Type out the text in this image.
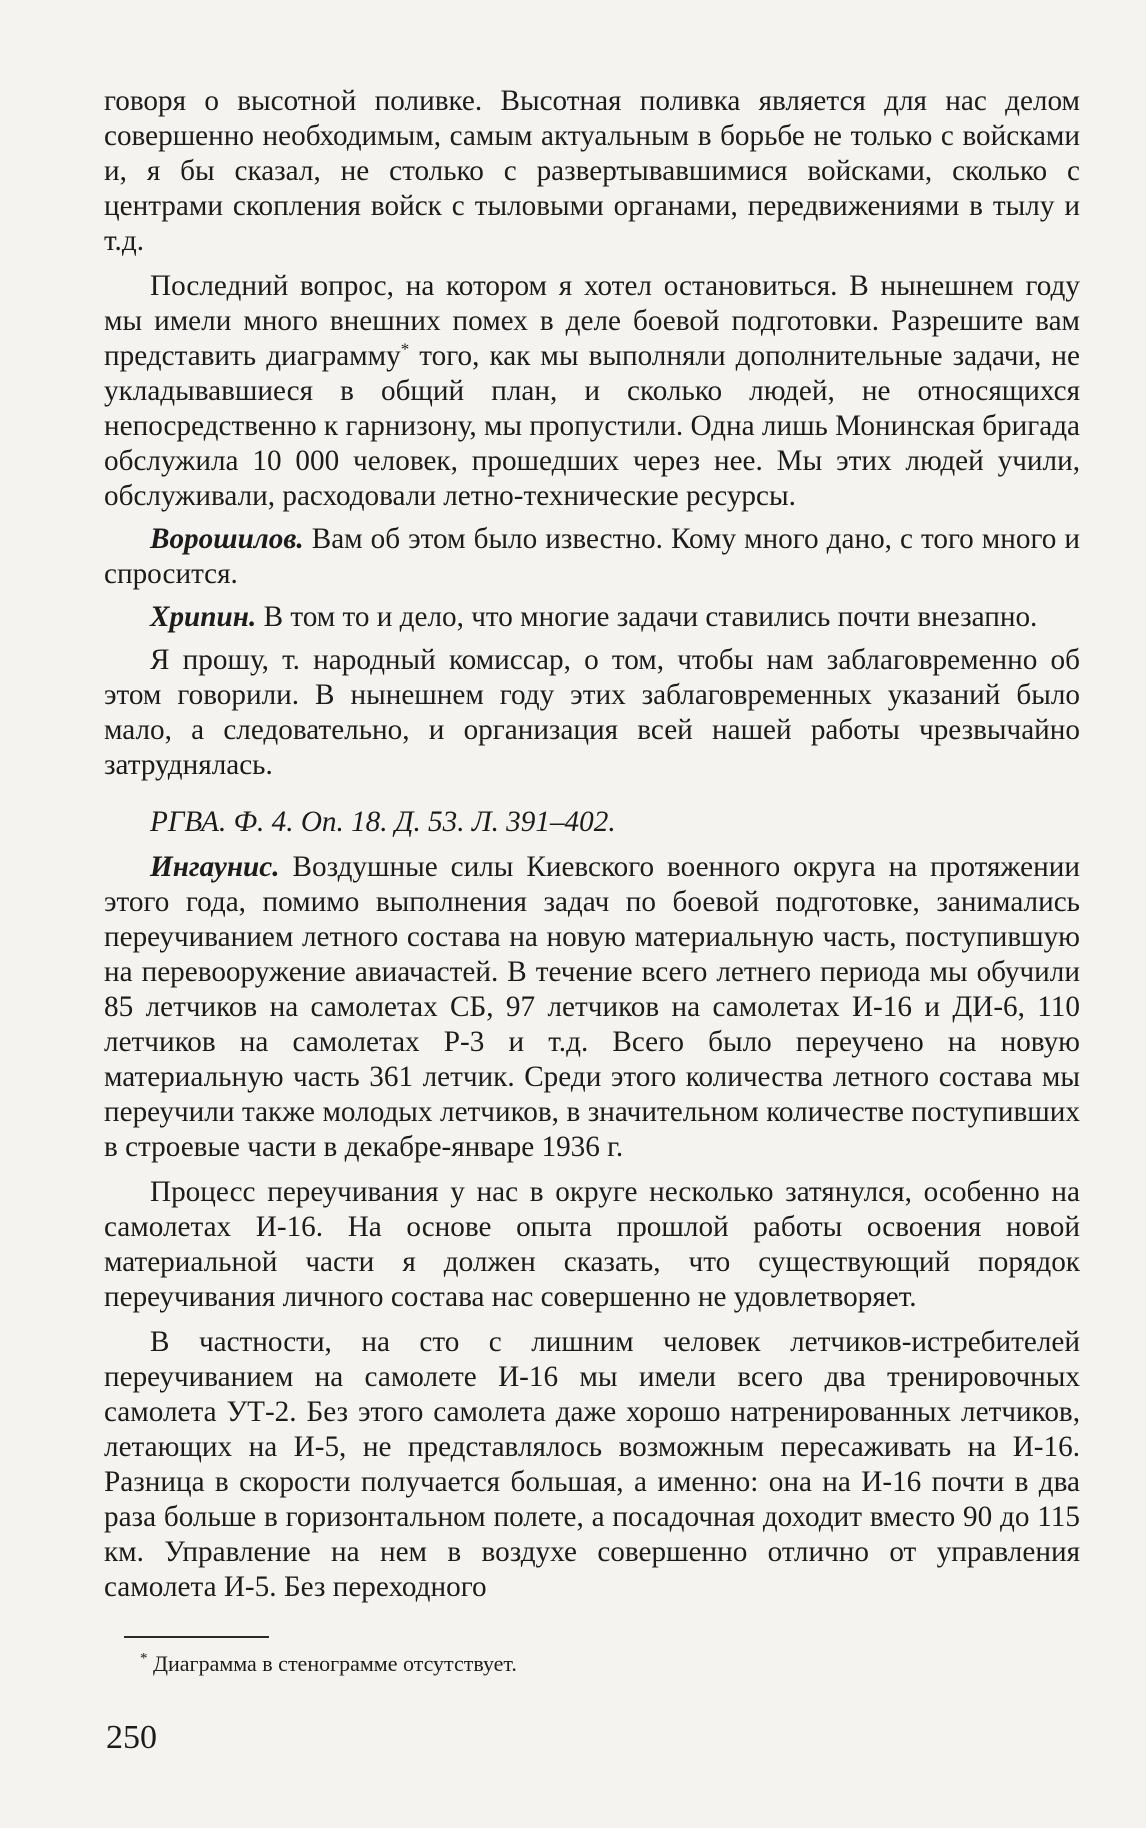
говоря о высотной поливке. Высотная поливка является для нас делом совершенно необходимым, самым актуальным в борьбе не только с войсками и, я бы сказал, не столько с развертывавшимися войсками, сколько с центрами скопления войск с тыловыми органами, передвижениями в тылу и т.д.

Последний вопрос, на котором я хотел остановиться. В нынешнем году мы имели много внешних помех в деле боевой подготовки. Разрешите вам представить диаграмму* того, как мы выполняли дополнительные задачи, не укладывавшиеся в общий план, и сколько людей, не относящихся непосредственно к гарнизону, мы пропустили. Одна лишь Монинская бригада обслужила 10 000 человек, прошедших через нее. Мы этих людей учили, обслуживали, расходовали летно-технические ресурсы.

Ворошилов. Вам об этом было известно. Кому много дано, с того много и спросится.

Хрипин. В том то и дело, что многие задачи ставились почти внезапно.

Я прошу, т. народный комиссар, о том, чтобы нам заблаговременно об этом говорили. В нынешнем году этих заблаговременных указаний было мало, а следовательно, и организация всей нашей работы чрезвычайно затруднялась.

РГВА. Ф. 4. Оп. 18. Д. 53. Л. 391–402.

Ингаунис. Воздушные силы Киевского военного округа на протяжении этого года, помимо выполнения задач по боевой подготовке, занимались переучиванием летного состава на новую материальную часть, поступившую на перевооружение авиачастей. В течение всего летнего периода мы обучили 85 летчиков на самолетах СБ, 97 летчиков на самолетах И-16 и ДИ-6, 110 летчиков на самолетах Р-3 и т.д. Всего было переучено на новую материальную часть 361 летчик. Среди этого количества летного состава мы переучили также молодых летчиков, в значительном количестве поступивших в строевые части в декабре-январе 1936 г.

Процесс переучивания у нас в округе несколько затянулся, особенно на самолетах И-16. На основе опыта прошлой работы освоения новой материальной части я должен сказать, что существующий порядок переучивания личного состава нас совершенно не удовлетворяет.

В частности, на сто с лишним человек летчиков-истребителей переучиванием на самолете И-16 мы имели всего два тренировочных самолета УТ-2. Без этого самолета даже хорошо натренированных летчиков, летающих на И-5, не представлялось возможным пересаживать на И-16. Разница в скорости получается большая, а именно: она на И-16 почти в два раза больше в горизонтальном полете, а посадочная доходит вместо 90 до 115 км. Управление на нем в воздухе совершенно отлично от управления самолета И-5. Без переходного

* Диаграмма в стенограмме отсутствует.
250
